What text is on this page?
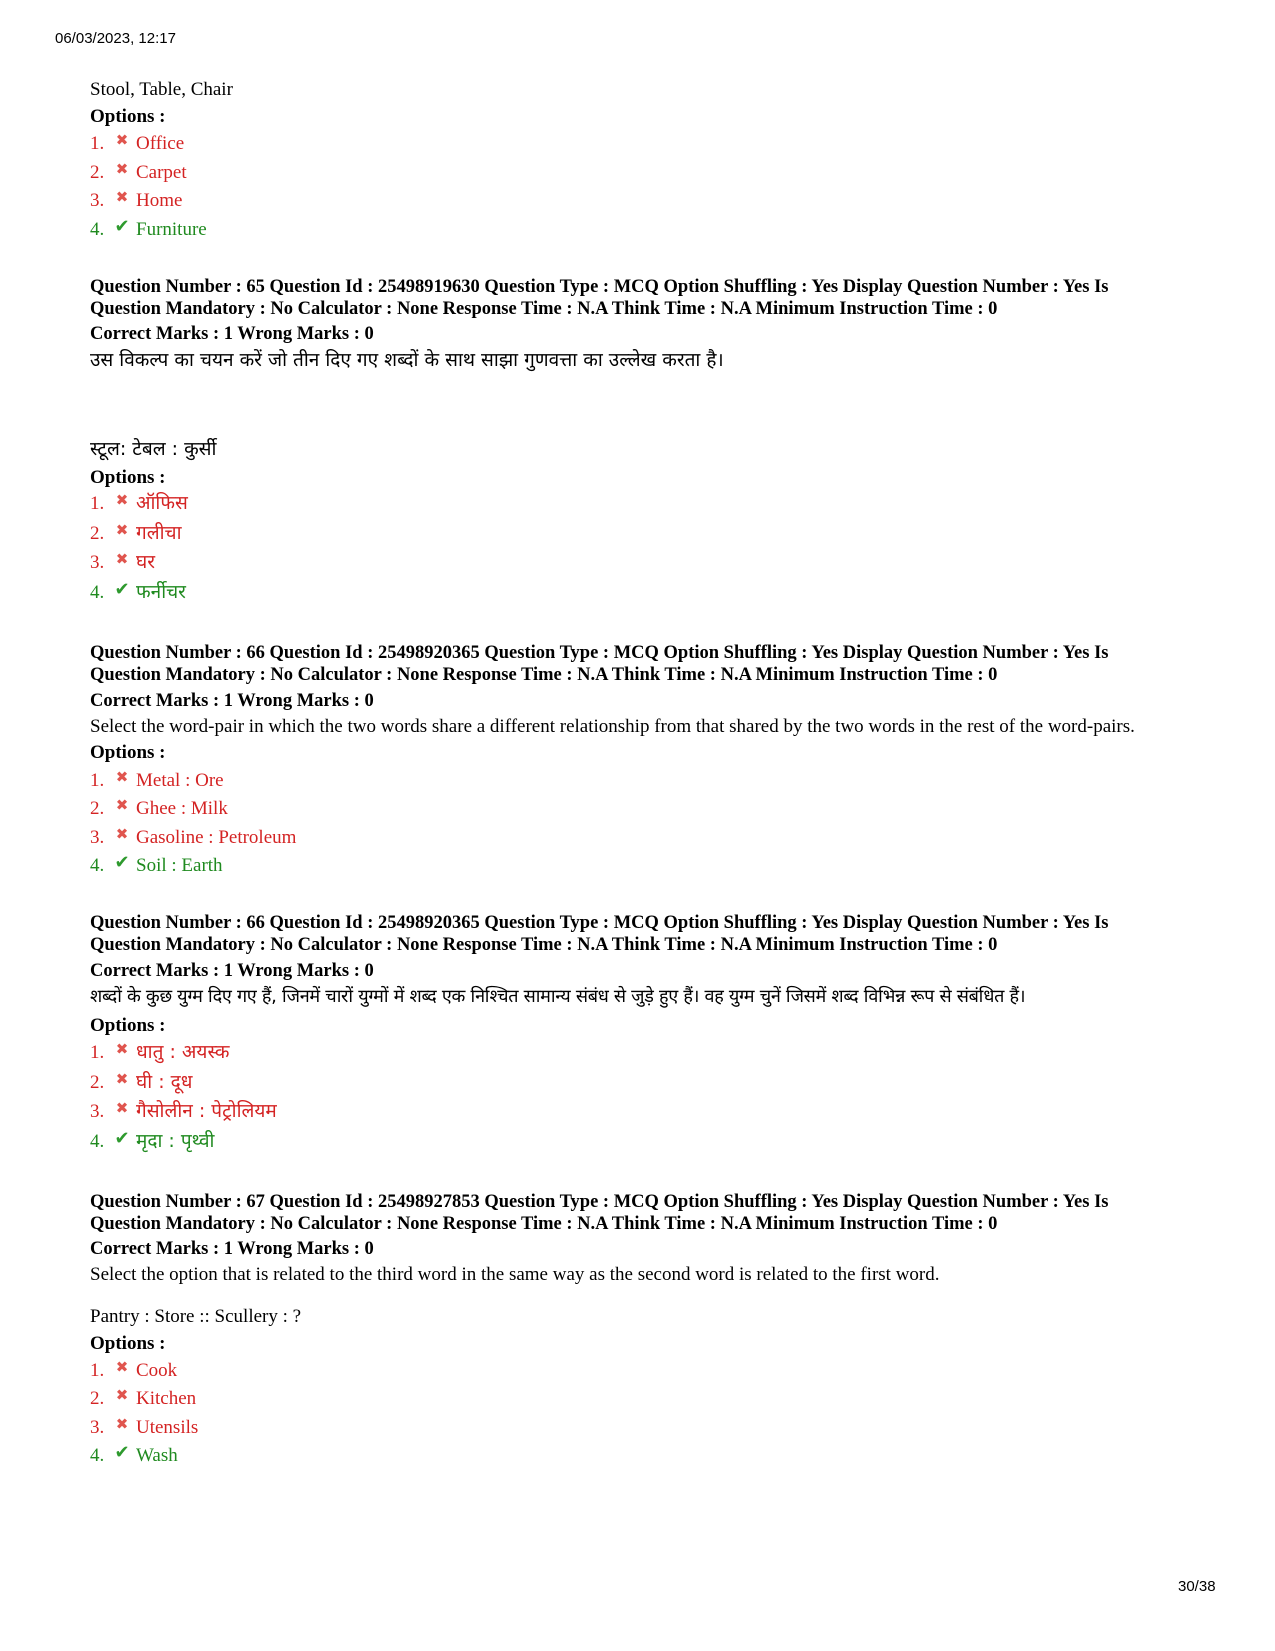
06/03/2023, 12:17
Stool, Table, Chair
Options :
1. ✖ Office
2. ✖ Carpet
3. ✖ Home
4. ✔ Furniture
Question Number : 65 Question Id : 25498919630 Question Type : MCQ Option Shuffling : Yes Display Question Number : Yes Is
Question Mandatory : No Calculator : None Response Time : N.A Think Time : N.A Minimum Instruction Time : 0
Correct Marks : 1 Wrong Marks : 0
उस विकल्प का चयन करें जो तीन दिए गए शब्दों के साथ साझा गुणवत्ता का उल्लेख करता है।
स्टूल: टेबल : कुर्सी
Options :
1. ✖ ऑफिस
2. ✖ गलीचा
3. ✖ घर
4. ✔ फर्नीचर
Question Number : 66 Question Id : 25498920365 Question Type : MCQ Option Shuffling : Yes Display Question Number : Yes Is
Question Mandatory : No Calculator : None Response Time : N.A Think Time : N.A Minimum Instruction Time : 0
Correct Marks : 1 Wrong Marks : 0
Select the word-pair in which the two words share a different relationship from that shared by the two words in the rest of the word-pairs.
Options :
1. ✖ Metal : Ore
2. ✖ Ghee : Milk
3. ✖ Gasoline : Petroleum
4. ✔ Soil : Earth
Question Number : 66 Question Id : 25498920365 Question Type : MCQ Option Shuffling : Yes Display Question Number : Yes Is
Question Mandatory : No Calculator : None Response Time : N.A Think Time : N.A Minimum Instruction Time : 0
Correct Marks : 1 Wrong Marks : 0
शब्दों के कुछ युग्म दिए गए हैं, जिनमें चारों युग्मों में शब्द एक निश्चित सामान्य संबंध से जुड़े हुए हैं। वह युग्म चुनें जिसमें शब्द विभिन्न रूप से संबंधित हैं।
Options :
1. ✖ धातु : अयस्क
2. ✖ घी : दूध
3. ✖ गैसोलीन : पेट्रोलियम
4. ✔ मृदा : पृथ्वी
Question Number : 67 Question Id : 25498927853 Question Type : MCQ Option Shuffling : Yes Display Question Number : Yes Is
Question Mandatory : No Calculator : None Response Time : N.A Think Time : N.A Minimum Instruction Time : 0
Correct Marks : 1 Wrong Marks : 0
Select the option that is related to the third word in the same way as the second word is related to the first word.
Pantry : Store :: Scullery : ?
Options :
1. ✖ Cook
2. ✖ Kitchen
3. ✖ Utensils
4. ✔ Wash
30/38
